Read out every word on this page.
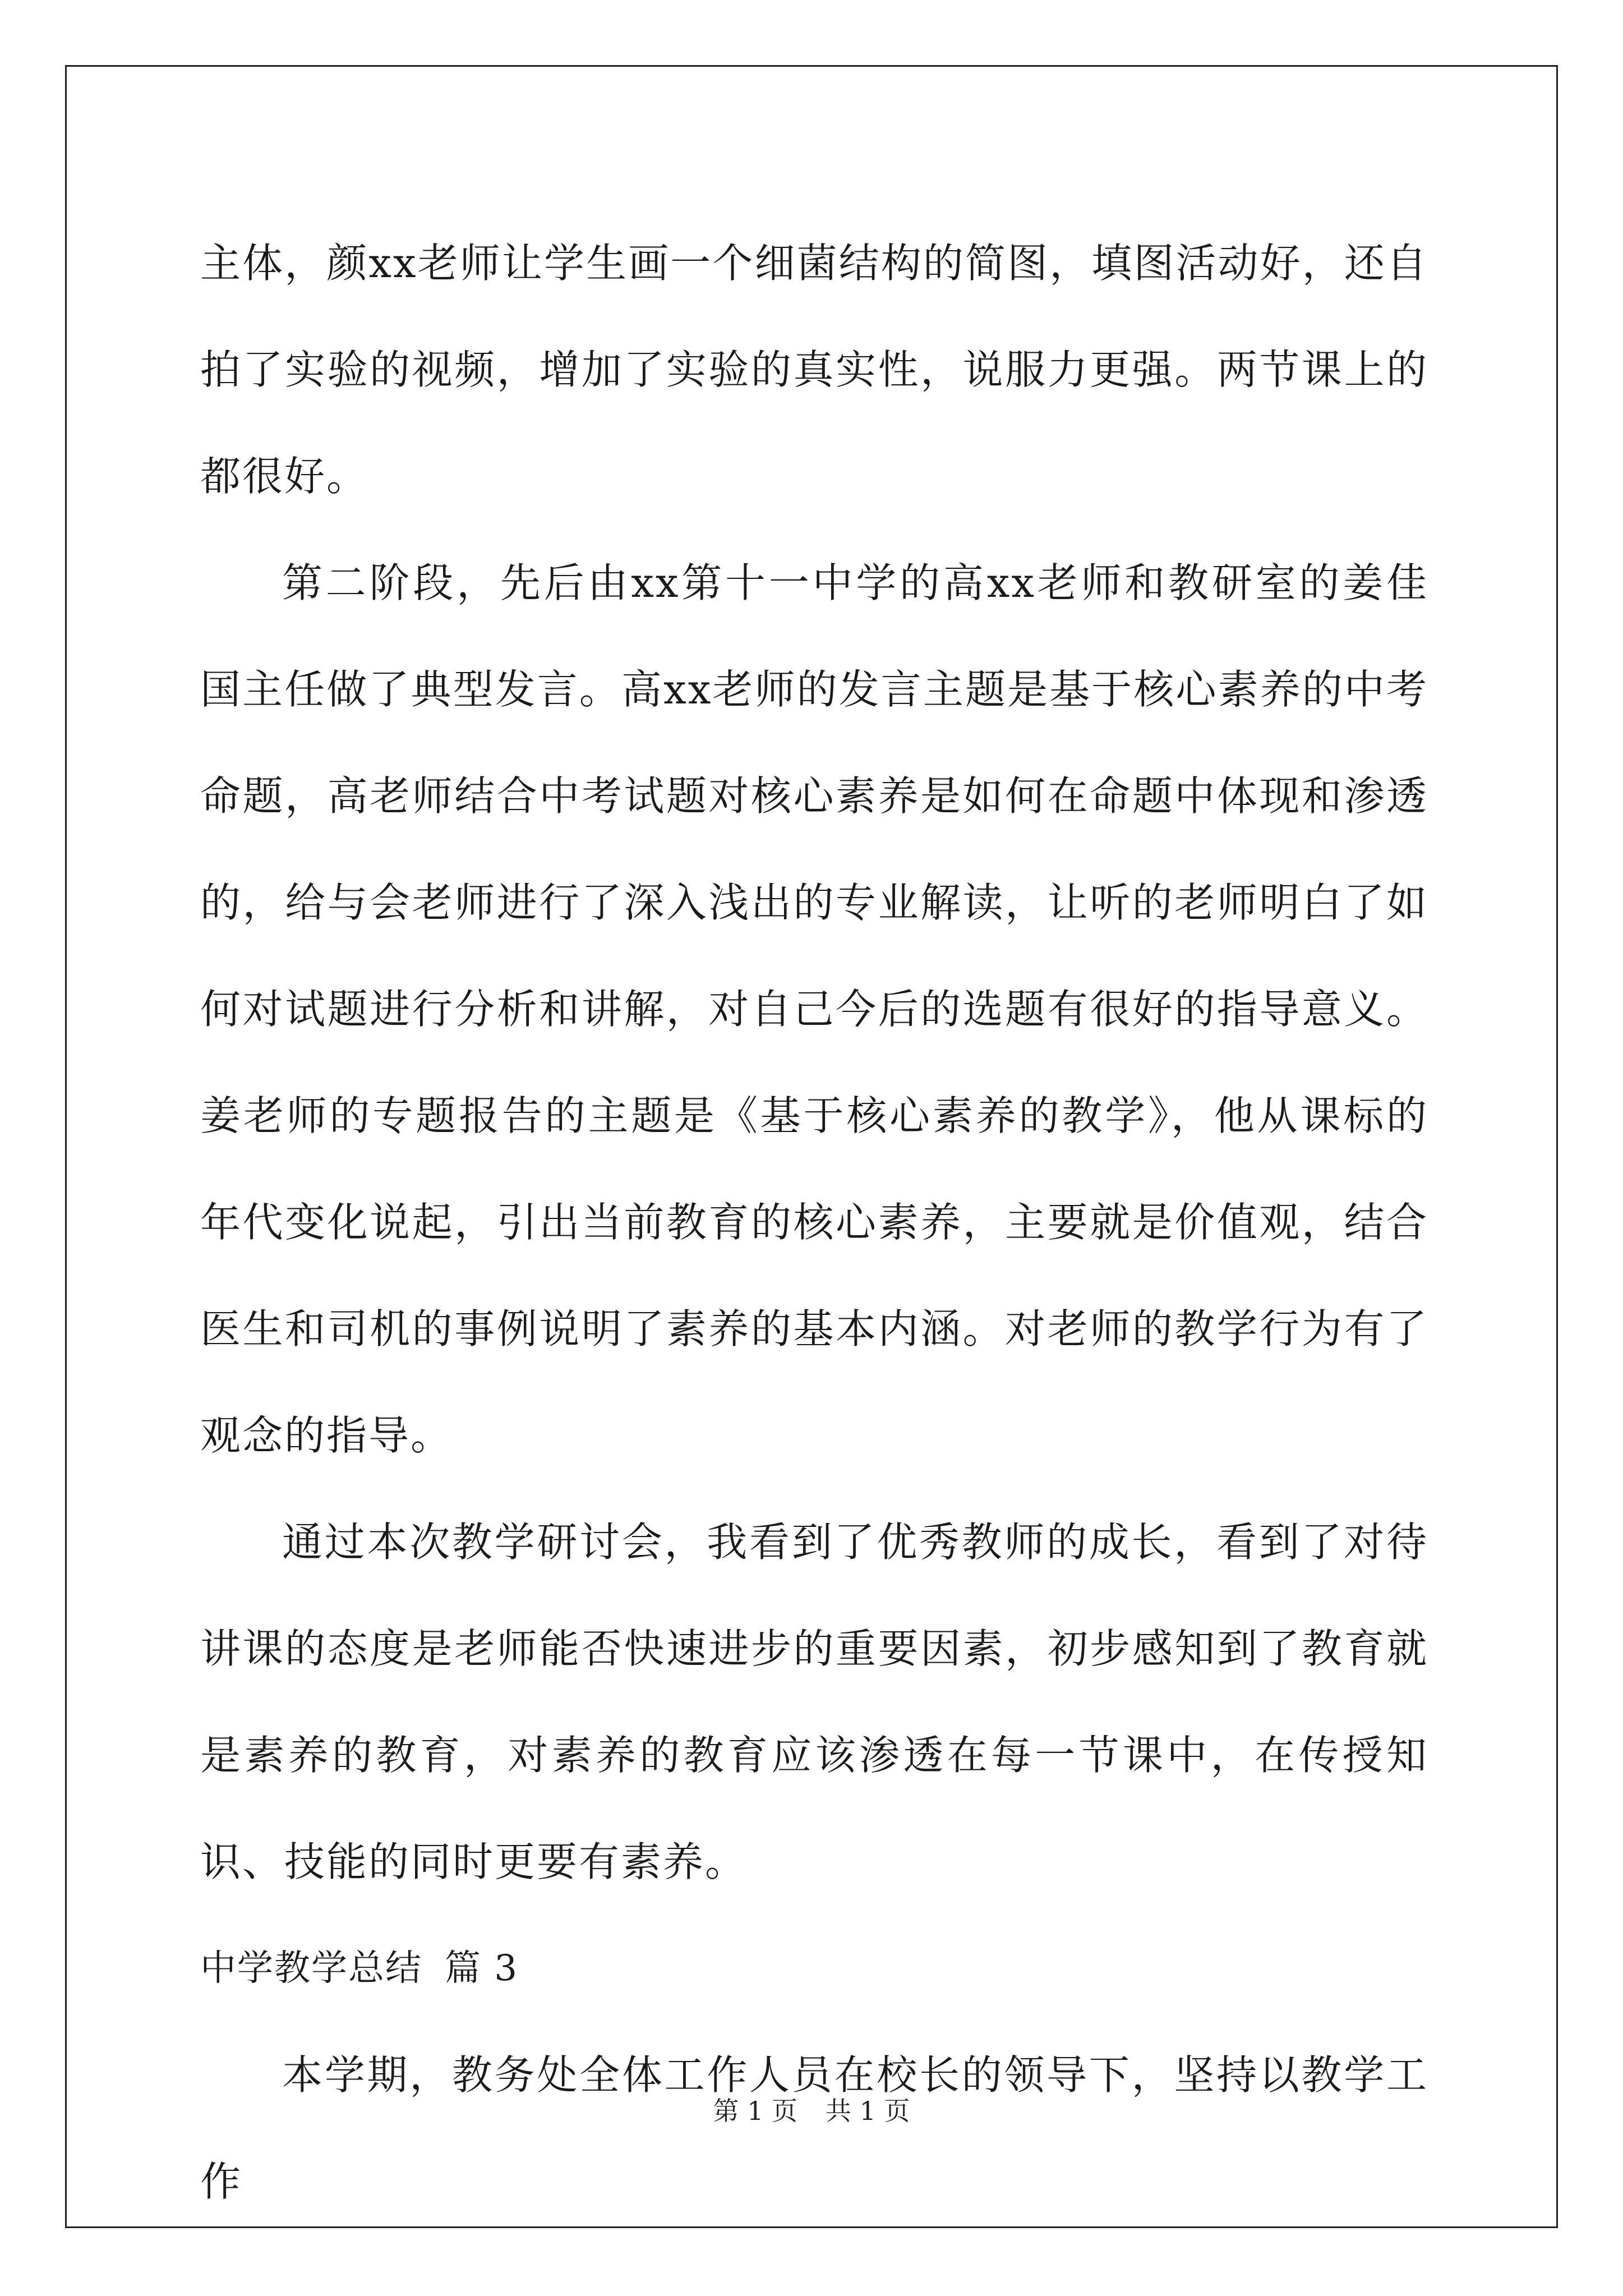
主体，颜xx老师让学生画一个细菌结构的简图，填图活动好，还自拍了实验的视频，增加了实验的真实性，说服力更强。两节课上的都很好。

第二阶段，先后由xx第十一中学的高xx老师和教研室的姜佳国主任做了典型发言。高xx老师的发言主题是基于核心素养的中考命题，高老师结合中考试题对核心素养是如何在命题中体现和渗透的，给与会老师进行了深入浅出的专业解读，让听的老师明白了如何对试题进行分析和讲解，对自己今后的选题有很好的指导意义。姜老师的专题报告的主题是《基于核心素养的教学》，他从课标的年代变化说起，引出当前教育的核心素养，主要就是价值观，结合医生和司机的事例说明了素养的基本内涵。对老师的教学行为有了观念的指导。

通过本次教学研讨会，我看到了优秀教师的成长，看到了对待讲课的态度是老师能否快速进步的重要因素，初步感知到了教育就是素养的教育，对素养的教育应该渗透在每一节课中，在传授知识、技能的同时更要有素养。

中学教学总结 篇 3

本学期，教务处全体工作人员在校长的领导下，坚持以教学工作

第 1 页 共 1 页
